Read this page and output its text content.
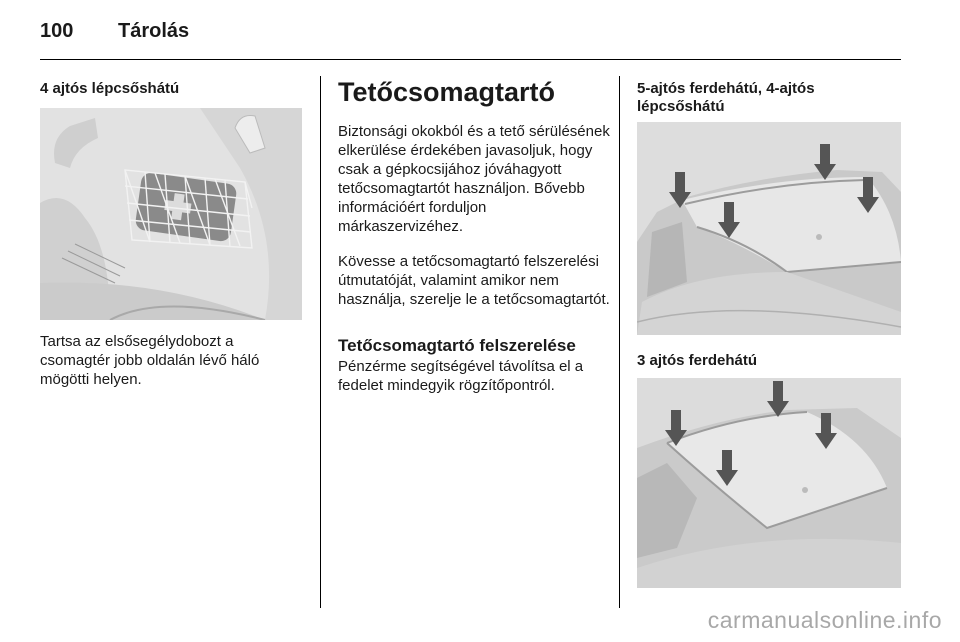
100 Tárolás
4 ajtós lépcsőshátú
Tartsa az elsősegélydobozt a csomagtér jobb oldalán lévő háló mögötti helyen.
Tetőcsomagtartó
Biztonsági okokból és a tető sérülésének elkerülése érdekében javasoljuk, hogy csak a gépkocsijához jóváhagyott tetőcsomagtartót használjon. Bővebb információért forduljon márkaszervizéhez.
Kövesse a tetőcsomagtartó felszerelési útmutatóját, valamint amikor nem használja, szerelje le a tetőcsomagtartót.
Tetőcsomagtartó felszerelése
Pénzérme segítségével távolítsa el a fedelet mindegyik rögzítőpontról.
5-ajtós ferdehátú, 4-ajtós lépcsőshátú
3 ajtós ferdehátú
carmanualsonline.info
